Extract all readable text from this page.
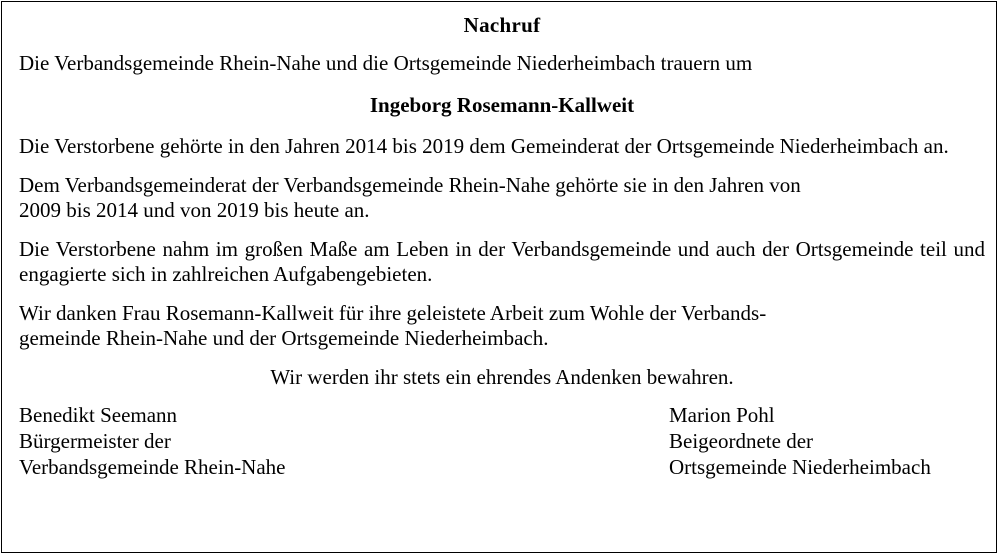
Nachruf

Die Verbandsgemeinde Rhein-Nahe und die Ortsgemeinde Niederheimbach trauern um

Ingeborg Rosemann-Kallweit

Die Verstorbene gehörte in den Jahren 2014 bis 2019 dem Gemeinderat der Ortsgemeinde Niederheimbach an.

Dem Verbandsgemeinderat der Verbandsgemeinde Rhein-Nahe gehörte sie in den Jahren von

2009 bis 2014 und von 2019 bis heute an.

Die Verstorbene nahm im großen Maße am Leben in der Verbandsgemeinde und auch der Ortsgemeinde teil und engagierte sich in zahlreichen Aufgabengebieten.

Wir danken Frau Rosemann-Kallweit für ihre geleistete Arbeit zum Wohle der Verbands-

gemeinde Rhein-Nahe und der Ortsgemeinde Niederheimbach.

Wir werden ihr stets ein ehrendes Andenken bewahren.

Benedikt Seemann
Bürgermeister der
Verbandsgemeinde Rhein-Nahe
Marion Pohl
Beigeordnete der
Ortsgemeinde Niederheimbach
